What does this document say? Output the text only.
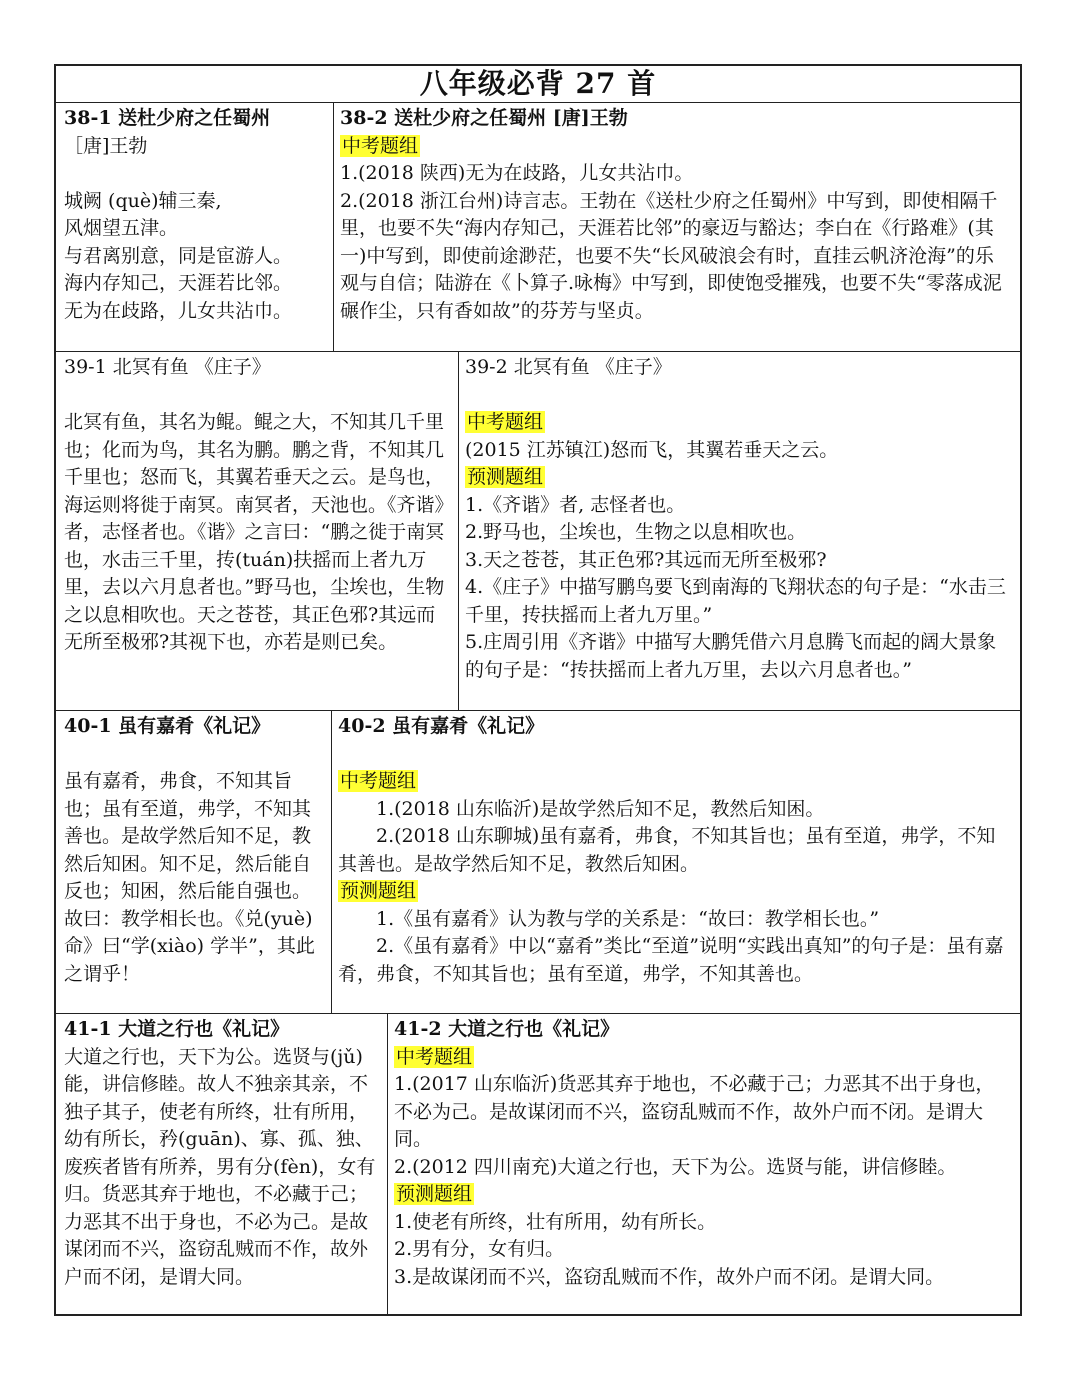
八年级必背 27 首
38-1 送杜少府之任蜀州
［唐]王勃
城阙 (què)辅三秦,
风烟望五津。
与君离别意，同是宦游人。
海内存知己，天涯若比邻。
无为在歧路，儿女共沾巾。
38-2 送杜少府之任蜀州 [唐]王勃
中考题组
1.(2018 陕西)无为在歧路，儿女共沾巾。
2.(2018 浙江台州)诗言志。王勃在《送杜少府之任蜀州》中写到，即使相隔千里，也要不失“海内存知己，天涯若比邻”的豪迈与豁达；李白在《行路难》(其一)中写到，即使前途渺茫，也要不失“长风破浪会有时，直挂云帆济沧海”的乐观与自信；陆游在《卜算子.咏梅》中写到，即使饱受摧残，也要不失“零落成泥碾作尘，只有香如故”的芬芳与坚贞。
39-1 北冥有鱼 《庄子》
北冥有鱼，其名为鲲。鲲之大，不知其几千里也；化而为鸟，其名为鹏。鹏之背，不知其几千里也；怒而飞，其翼若垂天之云。是鸟也，海运则将徙于南冥。南冥者，天池也。《齐谐》者，志怪者也。《谐》之言曰：“鹏之徙于南冥也，水击三千里，抟(tuán)扶摇而上者九万里，去以六月息者也。”野马也，尘埃也，生物之以息相吹也。天之苍苍，其正色邪?其远而无所至极邪?其视下也，亦若是则已矣。
39-2 北冥有鱼 《庄子》
中考题组
(2015 江苏镇江)怒而飞，其翼若垂天之云。
预测题组
1.《齐谐》者, 志怪者也。
2.野马也，尘埃也，生物之以息相吹也。
3.天之苍苍，其正色邪?其远而无所至极邪?
4.《庄子》中描写鹏鸟要飞到南海的飞翔状态的句子是：“水击三千里，抟扶摇而上者九万里。”
5.庄周引用《齐谐》中描写大鹏凭借六月息腾飞而起的阔大景象的句子是：“抟扶摇而上者九万里，去以六月息者也。”
40-1 虽有嘉肴《礼记》
虽有嘉肴，弗食，不知其旨也；虽有至道，弗学，不知其善也。是故学然后知不足，教然后知困。知不足，然后能自反也；知困，然后能自强也。故曰：教学相长也。《兑(yuè) 命》曰“学(xiào) 学半”，其此之谓乎！
40-2 虽有嘉肴《礼记》
中考题组
1.(2018 山东临沂)是故学然后知不足，教然后知困。
2.(2018 山东聊城)虽有嘉肴，弗食，不知其旨也；虽有至道，弗学，不知其善也。是故学然后知不足，教然后知困。
预测题组
1.《虽有嘉肴》认为教与学的关系是：“故曰：教学相长也。”
2.《虽有嘉肴》中以“嘉肴”类比“至道”说明“实践出真知”的句子是：虽有嘉肴，弗食，不知其旨也；虽有至道，弗学，不知其善也。
41-1 大道之行也《礼记》
大道之行也，天下为公。选贤与(jǔ)能，讲信修睦。故人不独亲其亲，不独子其子，使老有所终，壮有所用，幼有所长，矜(guān)、寡、孤、独、废疾者皆有所养，男有分(fèn)，女有归。货恶其弃于地也，不必藏于己；力恶其不出于身也，不必为己。是故谋闭而不兴，盗窃乱贼而不作，故外户而不闭，是谓大同。
41-2 大道之行也《礼记》
中考题组
1.(2017 山东临沂)货恶其弃于地也，不必藏于己；力恶其不出于身也，不必为己。是故谋闭而不兴，盗窃乱贼而不作，故外户而不闭。是谓大同。
2.(2012 四川南充)大道之行也，天下为公。选贤与能，讲信修睦。
预测题组
1.使老有所终，壮有所用，幼有所长。
2.男有分，女有归。
3.是故谋闭而不兴，盗窃乱贼而不作，故外户而不闭。是谓大同。
